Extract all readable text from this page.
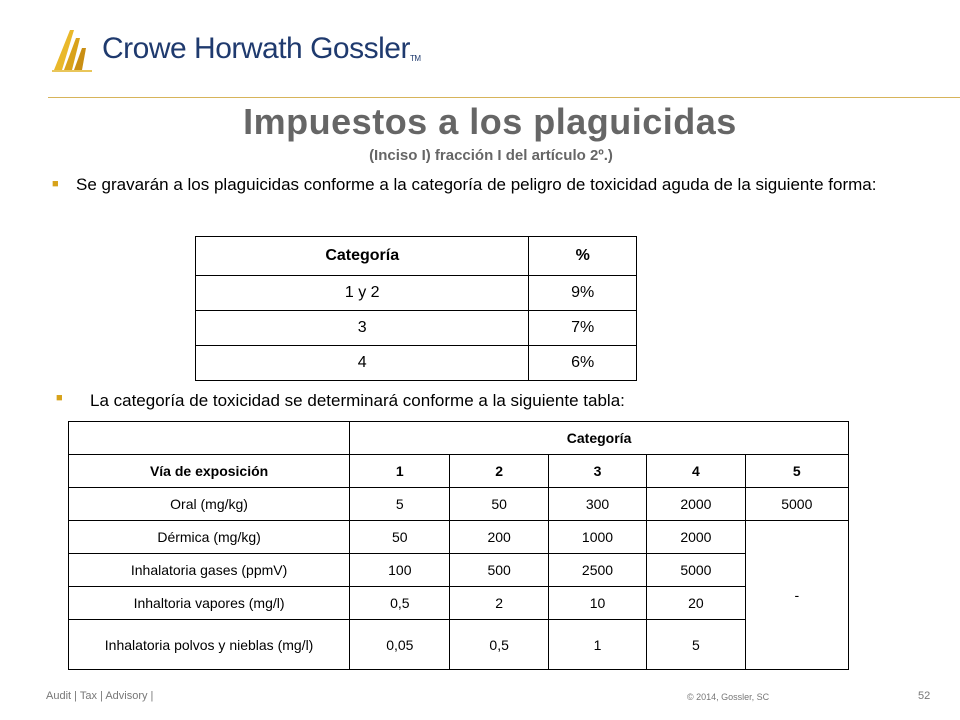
Crowe Horwath Gossler™
Impuestos a los plaguicidas
(Inciso I) fracción I del artículo 2º.)
■	Se gravarán a los plaguicidas conforme a la categoría de peligro de toxicidad aguda de la siguiente forma:
Categoría	%
1 y 2	9%
3	7%
4	6%
■ La categoría de toxicidad se determinará conforme a la siguiente tabla:
	Categoría				
Vía de exposición	1	2	3	4	5
Oral (mg/kg)	5	50	300	2000	5000
Dérmica (mg/kg)	50	200	1000	2000	-
Inhalatoria gases (ppmV)	100	500	2500	5000	
Inhaltoria vapores (mg/l)	0,5	2	10	20	
Inhalatoria polvos y nieblas (mg/l)	0,05	0,5	1	5	
Audit | Tax | Advisory |	© 2014, Gossler, SC	52
